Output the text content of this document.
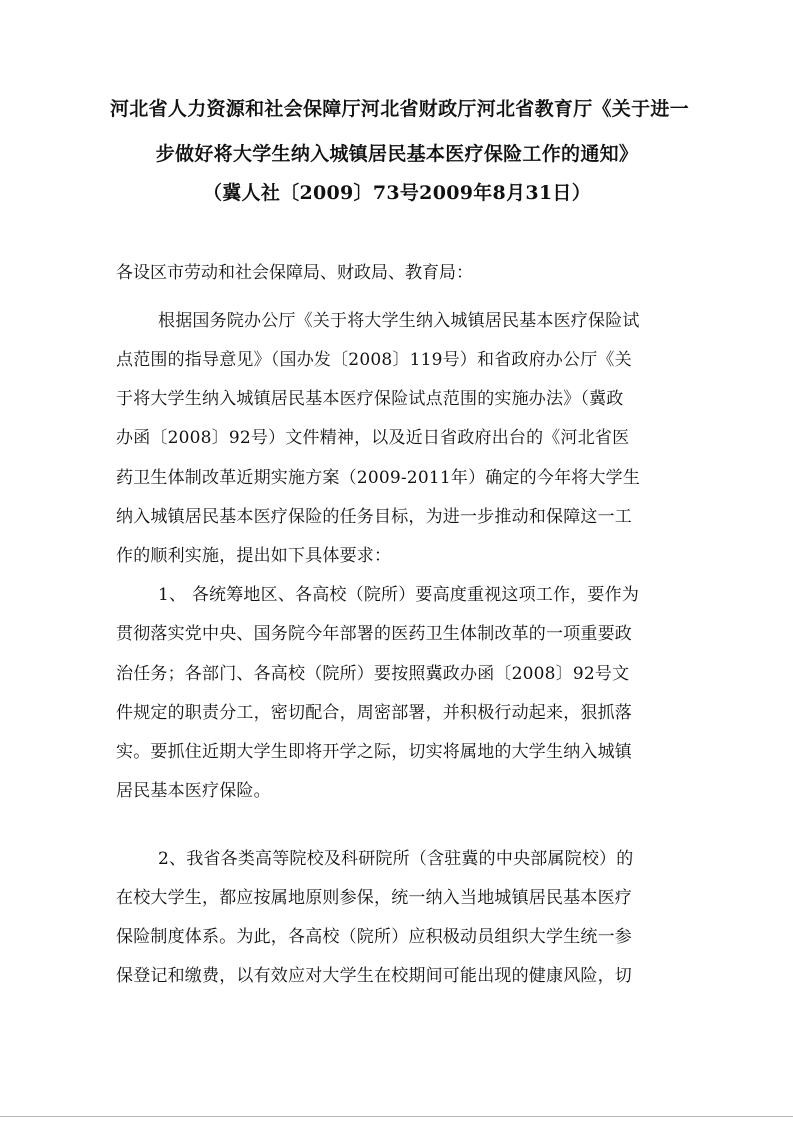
河北省人力资源和社会保障厅河北省财政厅河北省教育厅《关于进一
步做好将大学生纳入城镇居民基本医疗保险工作的通知》
（冀人社〔2009〕73号2009年8月31日）
各设区市劳动和社会保障局、财政局、教育局：
根据国务院办公厅《关于将大学生纳入城镇居民基本医疗保险试
点范围的指导意见》（国办发〔2008〕119号）和省政府办公厅《关
于将大学生纳入城镇居民基本医疗保险试点范围的实施办法》（冀政
办函〔2008〕92号）文件精神，以及近日省政府出台的《河北省医
药卫生体制改革近期实施方案（2009-2011年）确定的今年将大学生
纳入城镇居民基本医疗保险的任务目标，为进一步推动和保障这一工
作的顺利实施，提出如下具体要求：
1、 各统筹地区、各高校（院所）要高度重视这项工作，要作为
贯彻落实党中央、国务院今年部署的医药卫生体制改革的一项重要政
治任务；各部门、各高校（院所）要按照冀政办函〔2008〕92号文
件规定的职责分工，密切配合，周密部署，并积极行动起来，狠抓落
实。要抓住近期大学生即将开学之际，切实将属地的大学生纳入城镇
居民基本医疗保险。
2、我省各类高等院校及科研院所（含驻冀的中央部属院校）的
在校大学生，都应按属地原则参保，统一纳入当地城镇居民基本医疗
保险制度体系。为此，各高校（院所）应积极动员组织大学生统一参
保登记和缴费，以有效应对大学生在校期间可能出现的健康风险，切
